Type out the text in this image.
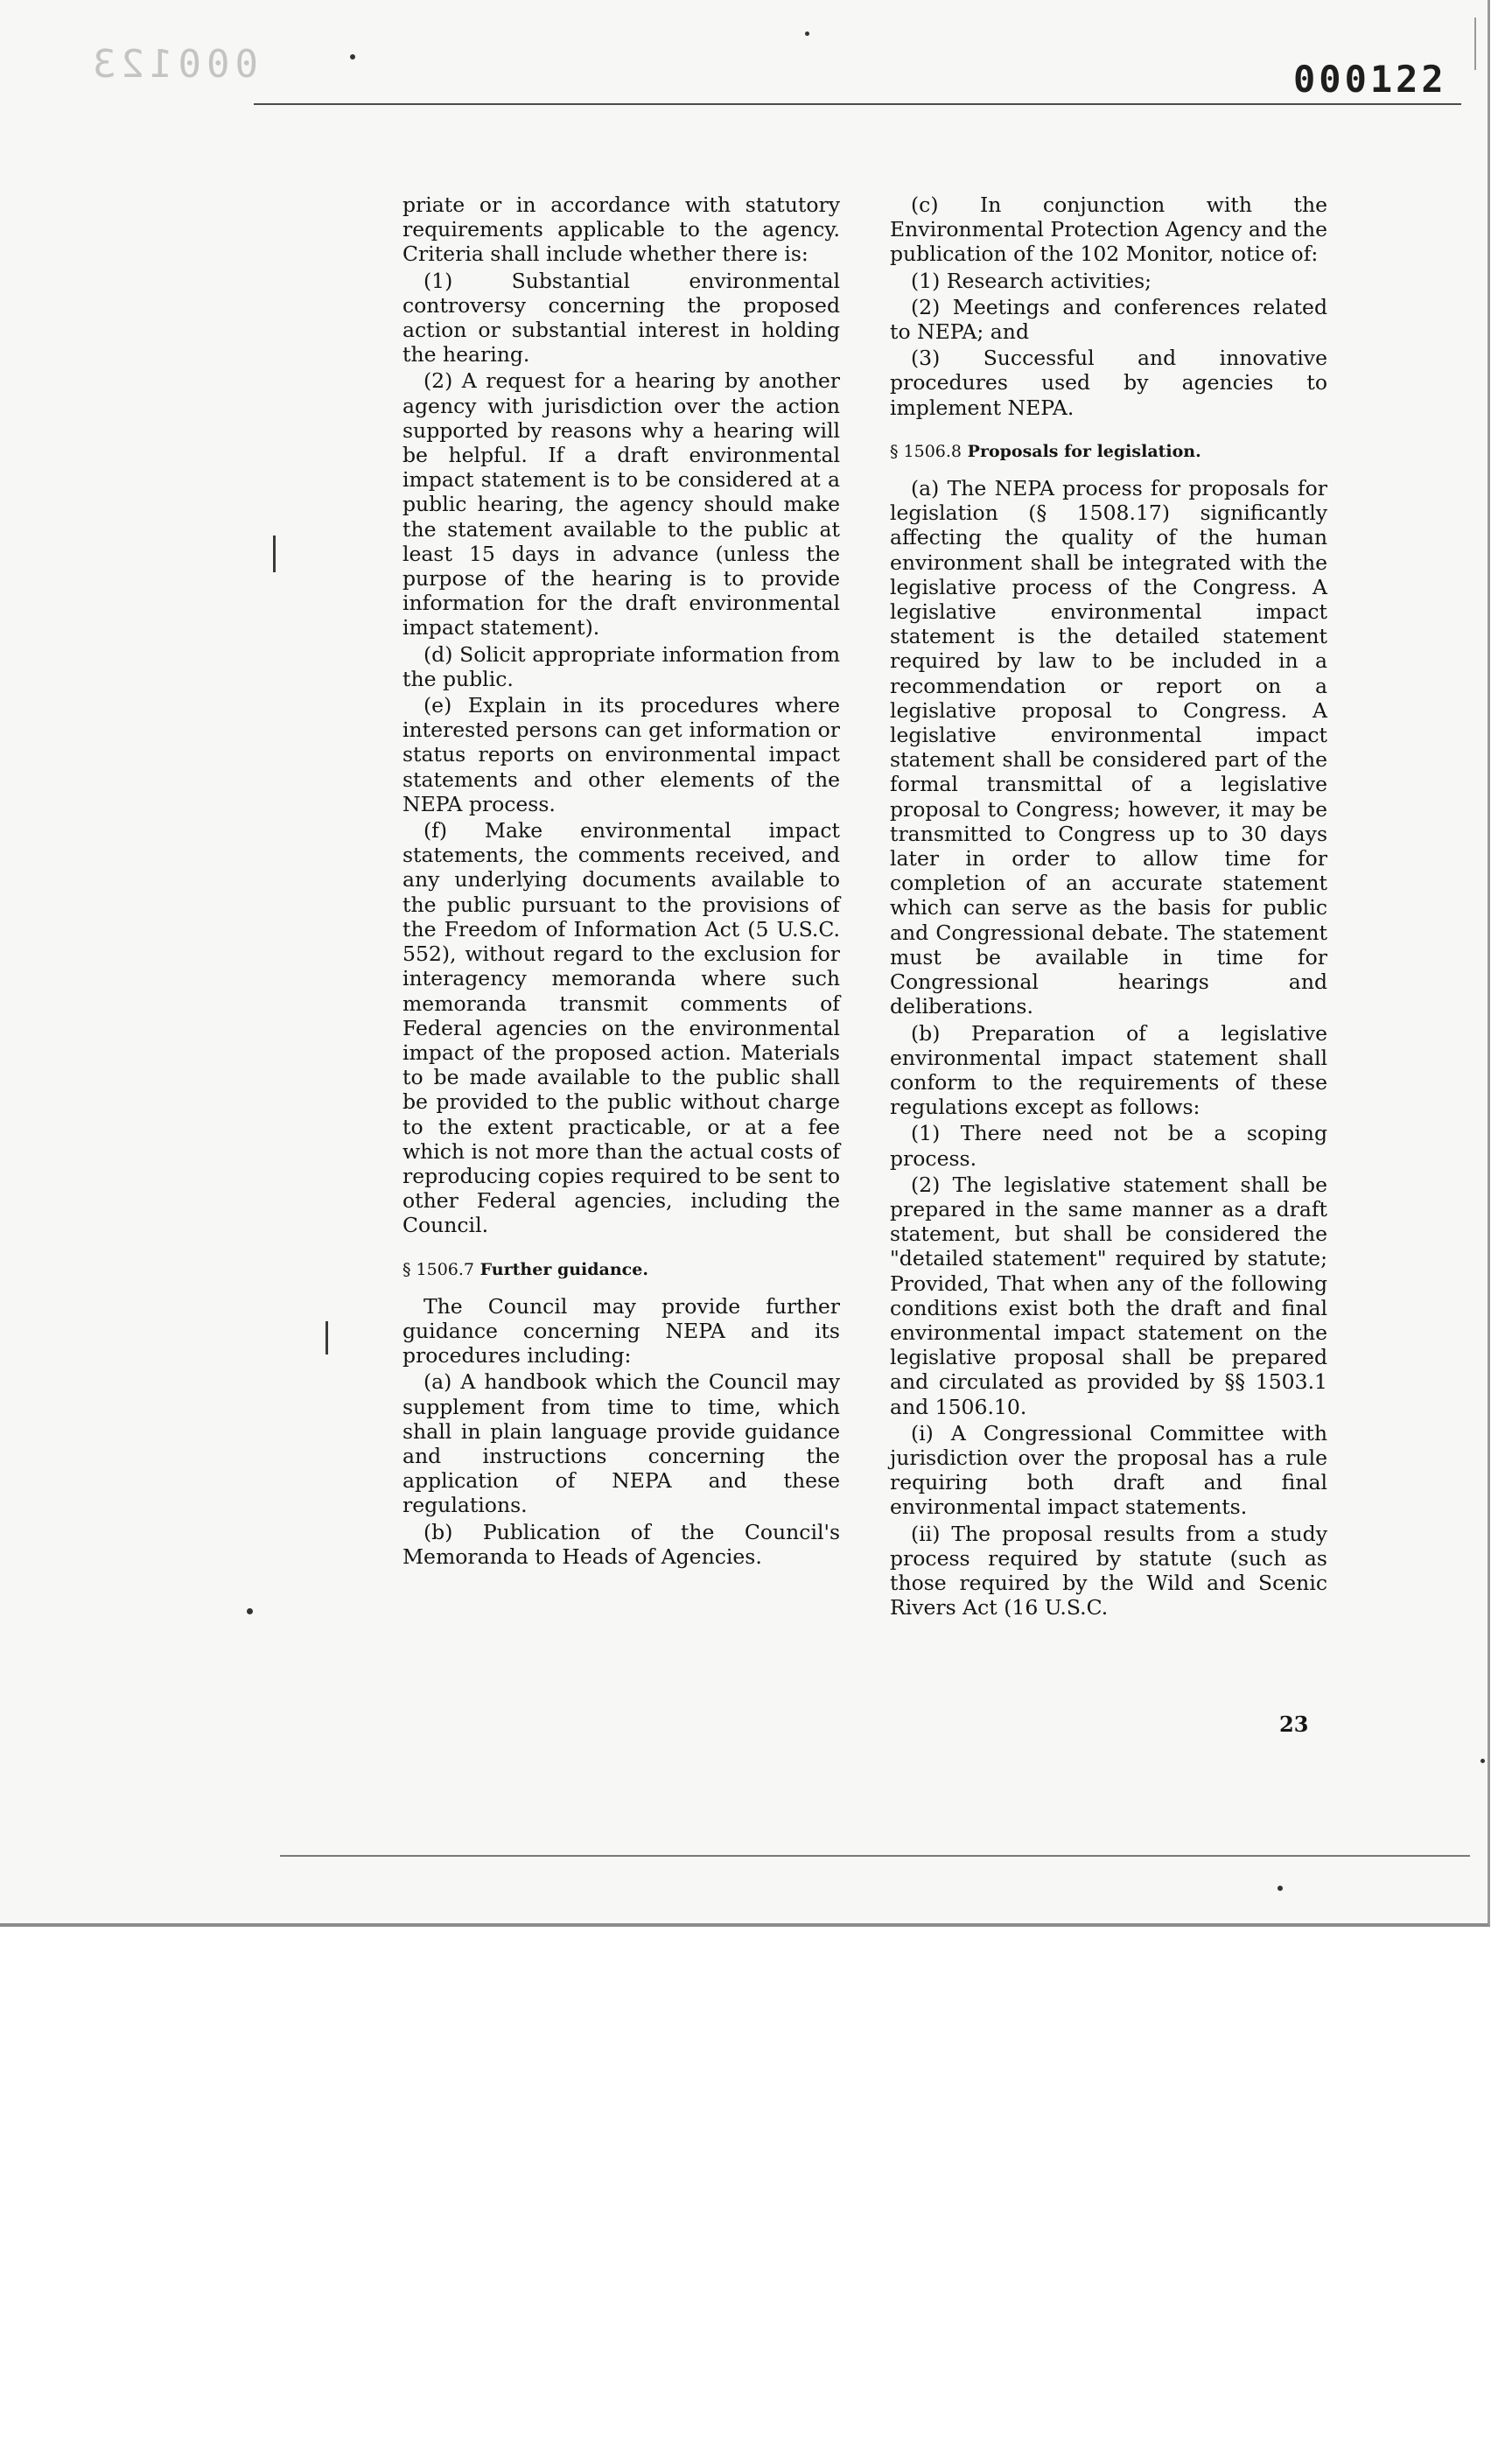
000123	000122

priate or in accordance with statutory requirements applicable to the agency. Criteria shall include whether there is:

(1) Substantial environmental controversy concerning the proposed action or substantial interest in holding the hearing.

(2) A request for a hearing by another agency with jurisdiction over the action supported by reasons why a hearing will be helpful. If a draft environmental impact statement is to be considered at a public hearing, the agency should make the statement available to the public at least 15 days in advance (unless the purpose of the hearing is to provide information for the draft environmental impact statement).

(d) Solicit appropriate information from the public.

(e) Explain in its procedures where interested persons can get information or status reports on environmental impact statements and other elements of the NEPA process.

(f) Make environmental impact statements, the comments received, and any underlying documents available to the public pursuant to the provisions of the Freedom of Information Act (5 U.S.C. 552), without regard to the exclusion for interagency memoranda where such memoranda transmit comments of Federal agencies on the environmental impact of the proposed action. Materials to be made available to the public shall be provided to the public without charge to the extent practicable, or at a fee which is not more than the actual costs of reproducing copies required to be sent to other Federal agencies, including the Council.

§ 1506.7 Further guidance.

The Council may provide further guidance concerning NEPA and its procedures including:

(a) A handbook which the Council may supplement from time to time, which shall in plain language provide guidance and instructions concerning the application of NEPA and these regulations.

(b) Publication of the Council's Memoranda to Heads of Agencies.

(c) In conjunction with the Environmental Protection Agency and the publication of the 102 Monitor, notice of:

(1) Research activities;

(2) Meetings and conferences related to NEPA; and

(3) Successful and innovative procedures used by agencies to implement NEPA.

§ 1506.8 Proposals for legislation.

(a) The NEPA process for proposals for legislation (§ 1508.17) significantly affecting the quality of the human environment shall be integrated with the legislative process of the Congress. A legislative environmental impact statement is the detailed statement required by law to be included in a recommendation or report on a legislative proposal to Congress. A legislative environmental impact statement shall be considered part of the formal transmittal of a legislative proposal to Congress; however, it may be transmitted to Congress up to 30 days later in order to allow time for completion of an accurate statement which can serve as the basis for public and Congressional debate. The statement must be available in time for Congressional hearings and deliberations.

(b) Preparation of a legislative environmental impact statement shall conform to the requirements of these regulations except as follows:

(1) There need not be a scoping process.

(2) The legislative statement shall be prepared in the same manner as a draft statement, but shall be considered the "detailed statement" required by statute; Provided, That when any of the following conditions exist both the draft and final environmental impact statement on the legislative proposal shall be prepared and circulated as provided by §§ 1503.1 and 1506.10.

(i) A Congressional Committee with jurisdiction over the proposal has a rule requiring both draft and final environmental impact statements.

(ii) The proposal results from a study process required by statute (such as those required by the Wild and Scenic Rivers Act (16 U.S.C.

23
